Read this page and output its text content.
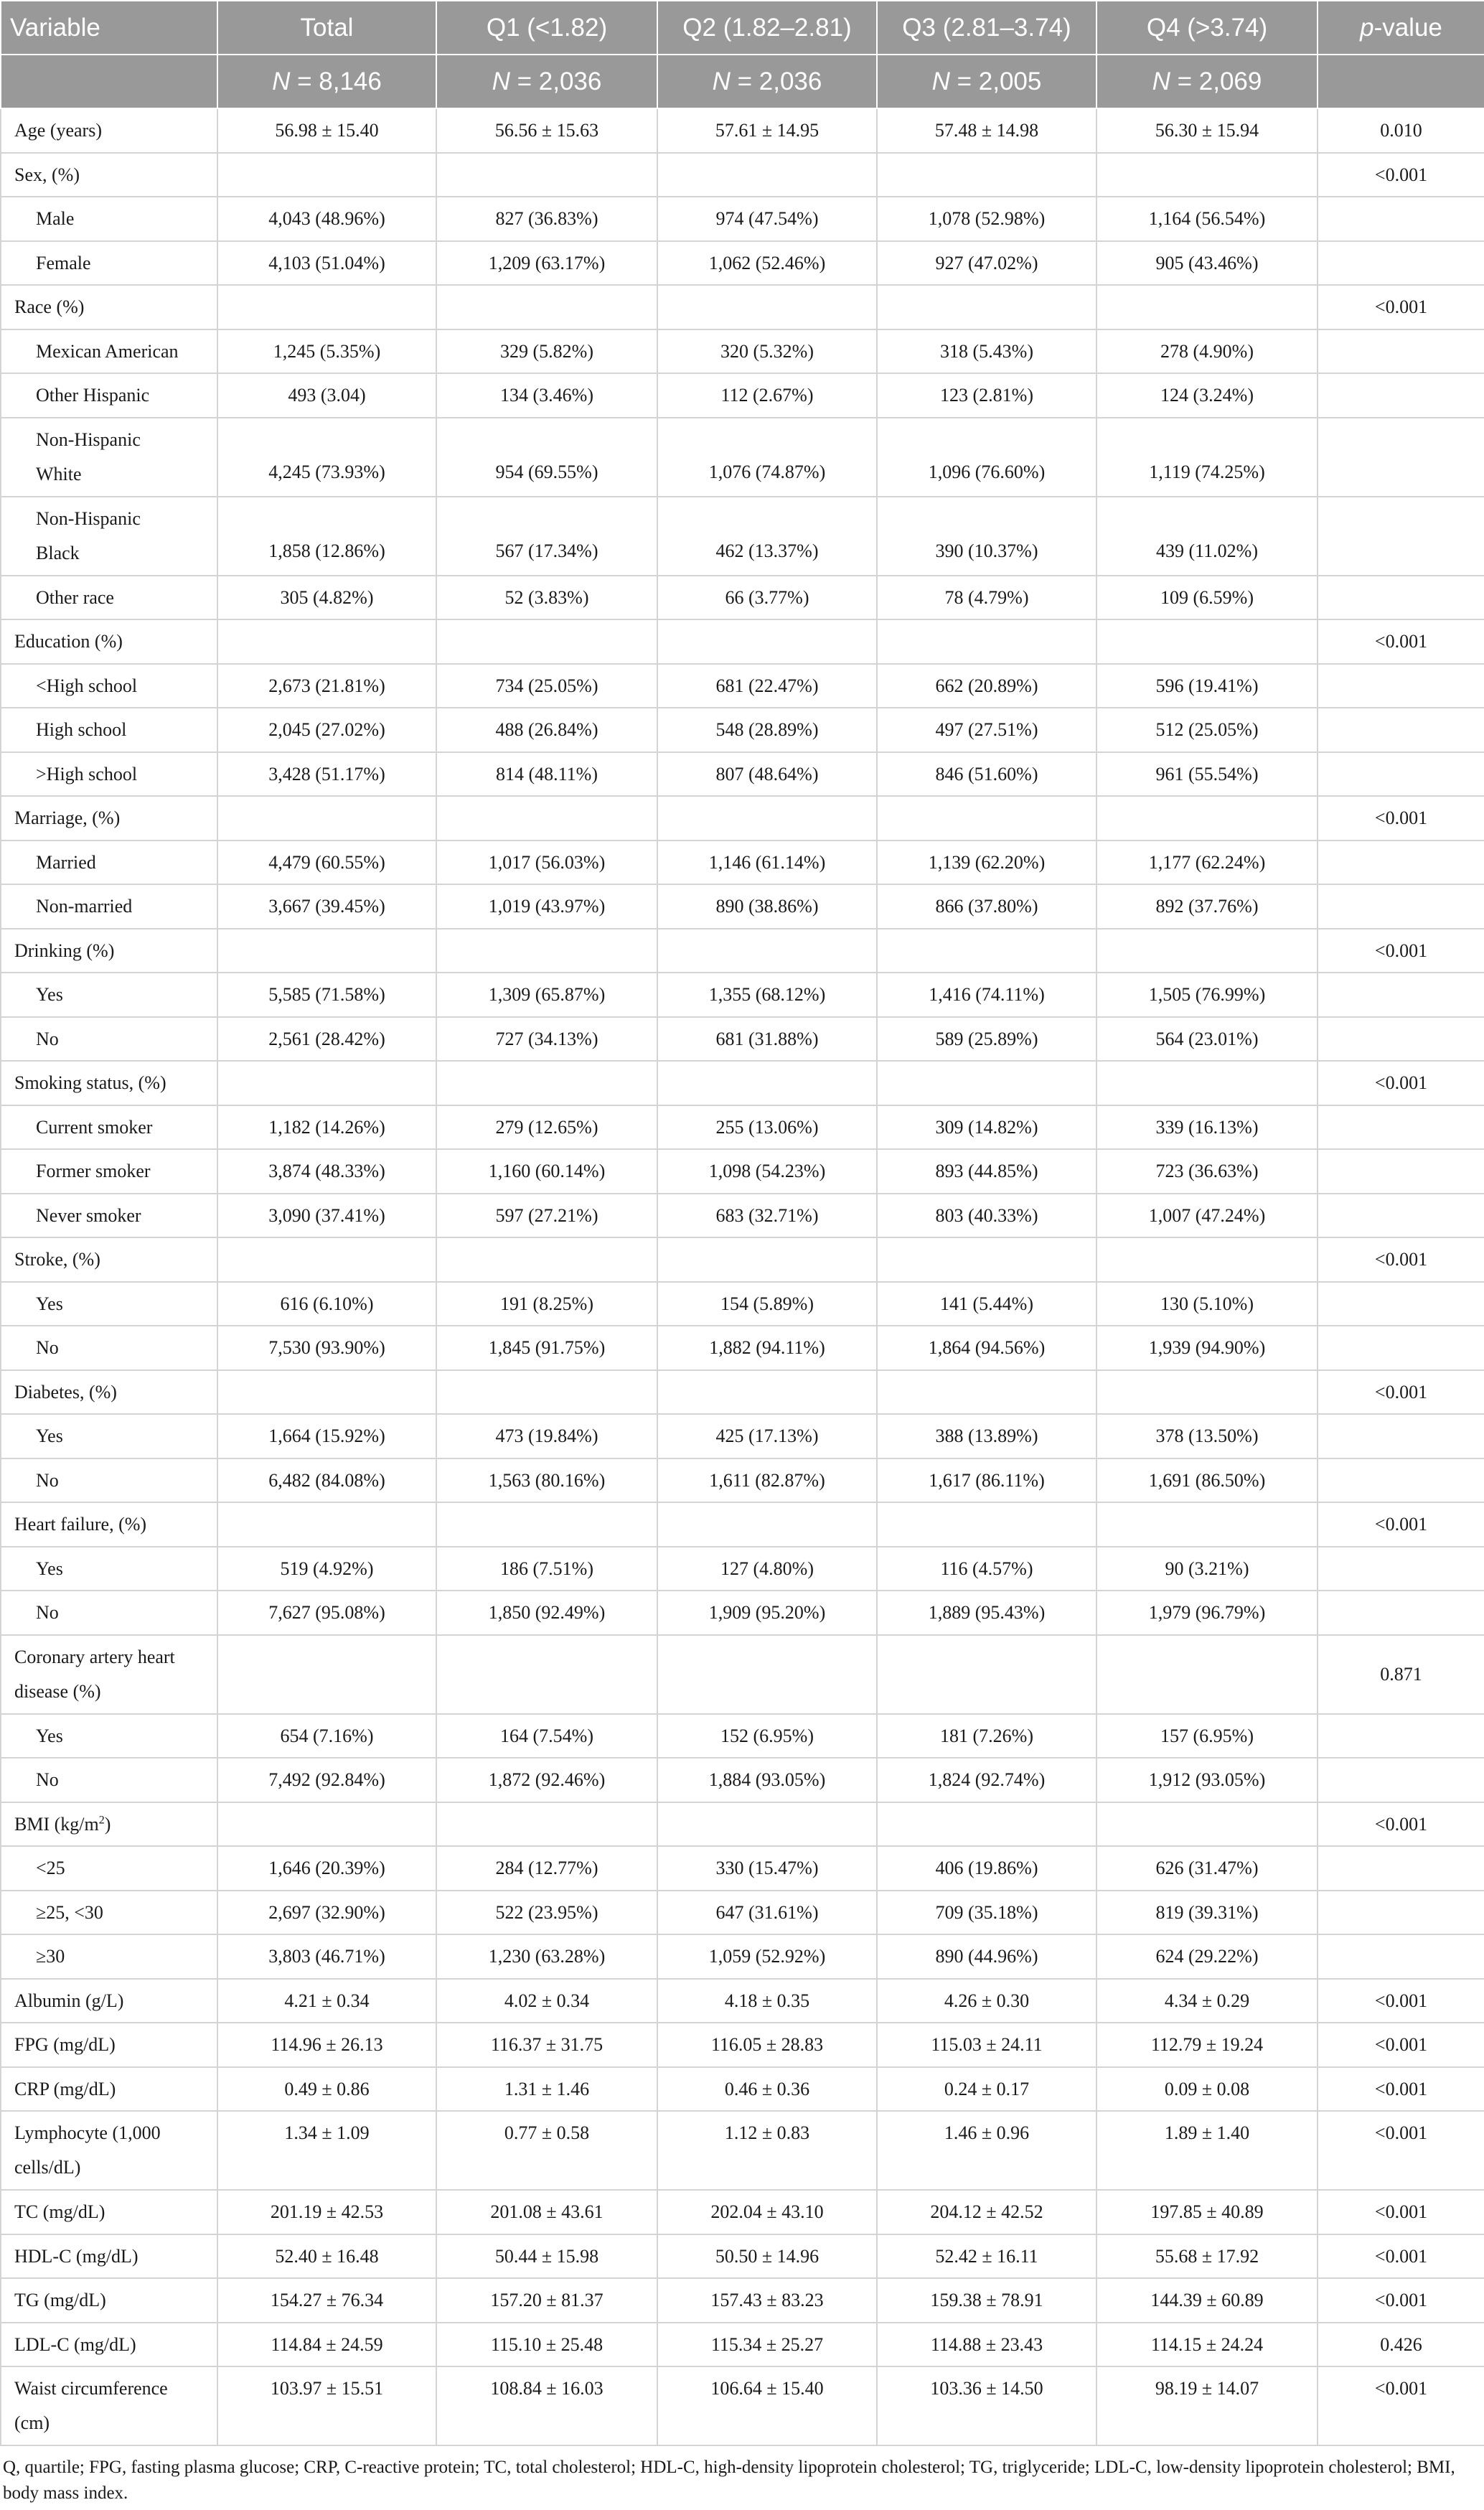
Variable	Total	Q1 (<1.82)	Q2 (1.82–2.81)	Q3 (2.81–3.74)	Q4 (>3.74)	p-value
	N = 8,146	N = 2,036	N = 2,036	N = 2,005	N = 2,069	
Age (years)	56.98 ± 15.40	56.56 ± 15.63	57.61 ± 14.95	57.48 ± 14.98	56.30 ± 15.94	0.010
Sex, (%)						<0.001
Male	4,043 (48.96%)	827 (36.83%)	974 (47.54%)	1,078 (52.98%)	1,164 (56.54%)	
Female	4,103 (51.04%)	1,209 (63.17%)	1,062 (52.46%)	927 (47.02%)	905 (43.46%)	
Race (%)						<0.001
Mexican American	1,245 (5.35%)	329 (5.82%)	320 (5.32%)	318 (5.43%)	278 (4.90%)	
Other Hispanic	493 (3.04)	134 (3.46%)	112 (2.67%)	123 (2.81%)	124 (3.24%)	
Non-Hispanic
White	4,245 (73.93%)	954 (69.55%)	1,076 (74.87%)	1,096 (76.60%)	1,119 (74.25%)	
Non-Hispanic
Black	1,858 (12.86%)	567 (17.34%)	462 (13.37%)	390 (10.37%)	439 (11.02%)	
Other race	305 (4.82%)	52 (3.83%)	66 (3.77%)	78 (4.79%)	109 (6.59%)	
Education (%)						<0.001
<High school	2,673 (21.81%)	734 (25.05%)	681 (22.47%)	662 (20.89%)	596 (19.41%)	
High school	2,045 (27.02%)	488 (26.84%)	548 (28.89%)	497 (27.51%)	512 (25.05%)	
>High school	3,428 (51.17%)	814 (48.11%)	807 (48.64%)	846 (51.60%)	961 (55.54%)	
Marriage, (%)						<0.001
Married	4,479 (60.55%)	1,017 (56.03%)	1,146 (61.14%)	1,139 (62.20%)	1,177 (62.24%)	
Non-married	3,667 (39.45%)	1,019 (43.97%)	890 (38.86%)	866 (37.80%)	892 (37.76%)	
Drinking (%)						<0.001
Yes	5,585 (71.58%)	1,309 (65.87%)	1,355 (68.12%)	1,416 (74.11%)	1,505 (76.99%)	
No	2,561 (28.42%)	727 (34.13%)	681 (31.88%)	589 (25.89%)	564 (23.01%)	
Smoking status, (%)						<0.001
Current smoker	1,182 (14.26%)	279 (12.65%)	255 (13.06%)	309 (14.82%)	339 (16.13%)	
Former smoker	3,874 (48.33%)	1,160 (60.14%)	1,098 (54.23%)	893 (44.85%)	723 (36.63%)	
Never smoker	3,090 (37.41%)	597 (27.21%)	683 (32.71%)	803 (40.33%)	1,007 (47.24%)	
Stroke, (%)						<0.001
Yes	616 (6.10%)	191 (8.25%)	154 (5.89%)	141 (5.44%)	130 (5.10%)	
No	7,530 (93.90%)	1,845 (91.75%)	1,882 (94.11%)	1,864 (94.56%)	1,939 (94.90%)	
Diabetes, (%)						<0.001
Yes	1,664 (15.92%)	473 (19.84%)	425 (17.13%)	388 (13.89%)	378 (13.50%)	
No	6,482 (84.08%)	1,563 (80.16%)	1,611 (82.87%)	1,617 (86.11%)	1,691 (86.50%)	
Heart failure, (%)						<0.001
Yes	519 (4.92%)	186 (7.51%)	127 (4.80%)	116 (4.57%)	90 (3.21%)	
No	7,627 (95.08%)	1,850 (92.49%)	1,909 (95.20%)	1,889 (95.43%)	1,979 (96.79%)	
Coronary artery heart
disease (%)						0.871
Yes	654 (7.16%)	164 (7.54%)	152 (6.95%)	181 (7.26%)	157 (6.95%)	
No	7,492 (92.84%)	1,872 (92.46%)	1,884 (93.05%)	1,824 (92.74%)	1,912 (93.05%)	
BMI $(kg/m^2)$						<0.001
<25	1,646 (20.39%)	284 (12.77%)	330 (15.47%)	406 (19.86%)	626 (31.47%)	
≥25, <30	2,697 (32.90%)	522 (23.95%)	647 (31.61%)	709 (35.18%)	819 (39.31%)	
≥30	3,803 (46.71%)	1,230 (63.28%)	1,059 (52.92%)	890 (44.96%)	624 (29.22%)	
Albumin (g/L)	4.21 ± 0.34	4.02 ± 0.34	4.18 ± 0.35	4.26 ± 0.30	4.34 ± 0.29	<0.001
FPG (mg/dL)	114.96 ± 26.13	116.37 ± 31.75	116.05 ± 28.83	115.03 ± 24.11	112.79 ± 19.24	<0.001
CRP (mg/dL)	0.49 ± 0.86	1.31 ± 1.46	0.46 ± 0.36	0.24 ± 0.17	0.09 ± 0.08	<0.001
Lymphocyte (1,000
cells/dL)	1.34 ± 1.09	0.77 ± 0.58	1.12 ± 0.83	1.46 ± 0.96	1.89 ± 1.40	<0.001
TC (mg/dL)	201.19 ± 42.53	201.08 ± 43.61	202.04 ± 43.10	204.12 ± 42.52	197.85 ± 40.89	<0.001
HDL-C (mg/dL)	52.40 ± 16.48	50.44 ± 15.98	50.50 ± 14.96	52.42 ± 16.11	55.68 ± 17.92	<0.001
TG (mg/dL)	154.27 ± 76.34	157.20 ± 81.37	157.43 ± 83.23	159.38 ± 78.91	144.39 ± 60.89	<0.001
LDL-C (mg/dL)	114.84 ± 24.59	115.10 ± 25.48	115.34 ± 25.27	114.88 ± 23.43	114.15 ± 24.24	0.426
Waist circumference
(cm)	103.97 ± 15.51	108.84 ± 16.03	106.64 ± 15.40	103.36 ± 14.50	98.19 ± 14.07	<0.001
Q, quartile; FPG, fasting plasma glucose; CRP, C-reactive protein; TC, total cholesterol; HDL-C, high-density lipoprotein cholesterol; TG, triglyceride; LDL-C, low-density lipoprotein cholesterol; BMI, body mass index.
